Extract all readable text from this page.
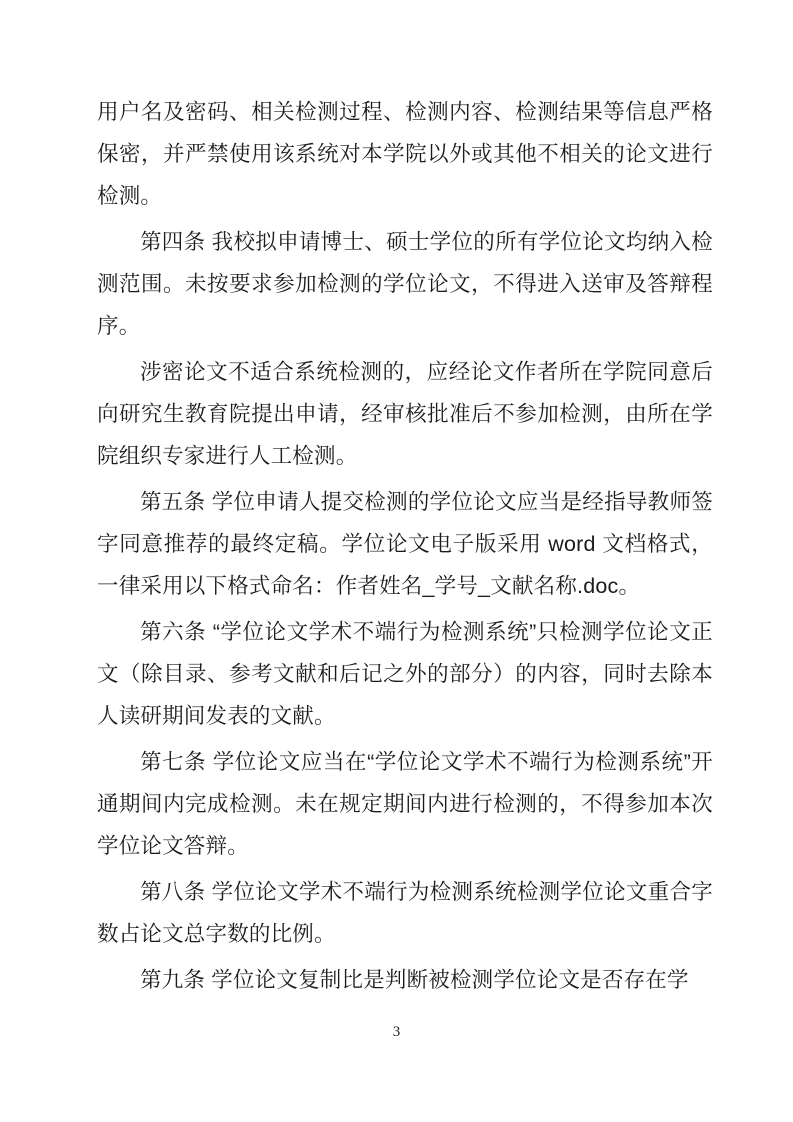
用户名及密码、相关检测过程、检测内容、检测结果等信息严格保密，并严禁使用该系统对本学院以外或其他不相关的论文进行检测。

第四条 我校拟申请博士、硕士学位的所有学位论文均纳入检测范围。未按要求参加检测的学位论文，不得进入送审及答辩程序。

涉密论文不适合系统检测的，应经论文作者所在学院同意后向研究生教育院提出申请，经审核批准后不参加检测，由所在学院组织专家进行人工检测。

第五条 学位申请人提交检测的学位论文应当是经指导教师签字同意推荐的最终定稿。学位论文电子版采用 word 文档格式，一律采用以下格式命名：作者姓名_学号_文献名称.doc。

第六条 “学位论文学术不端行为检测系统”只检测学位论文正文（除目录、参考文献和后记之外的部分）的内容，同时去除本人读研期间发表的文献。

第七条 学位论文应当在“学位论文学术不端行为检测系统”开通期间内完成检测。未在规定期间内进行检测的，不得参加本次学位论文答辩。

第八条 学位论文学术不端行为检测系统检测学位论文重合字数占论文总字数的比例。

第九条 学位论文复制比是判断被检测学位论文是否存在学

3
